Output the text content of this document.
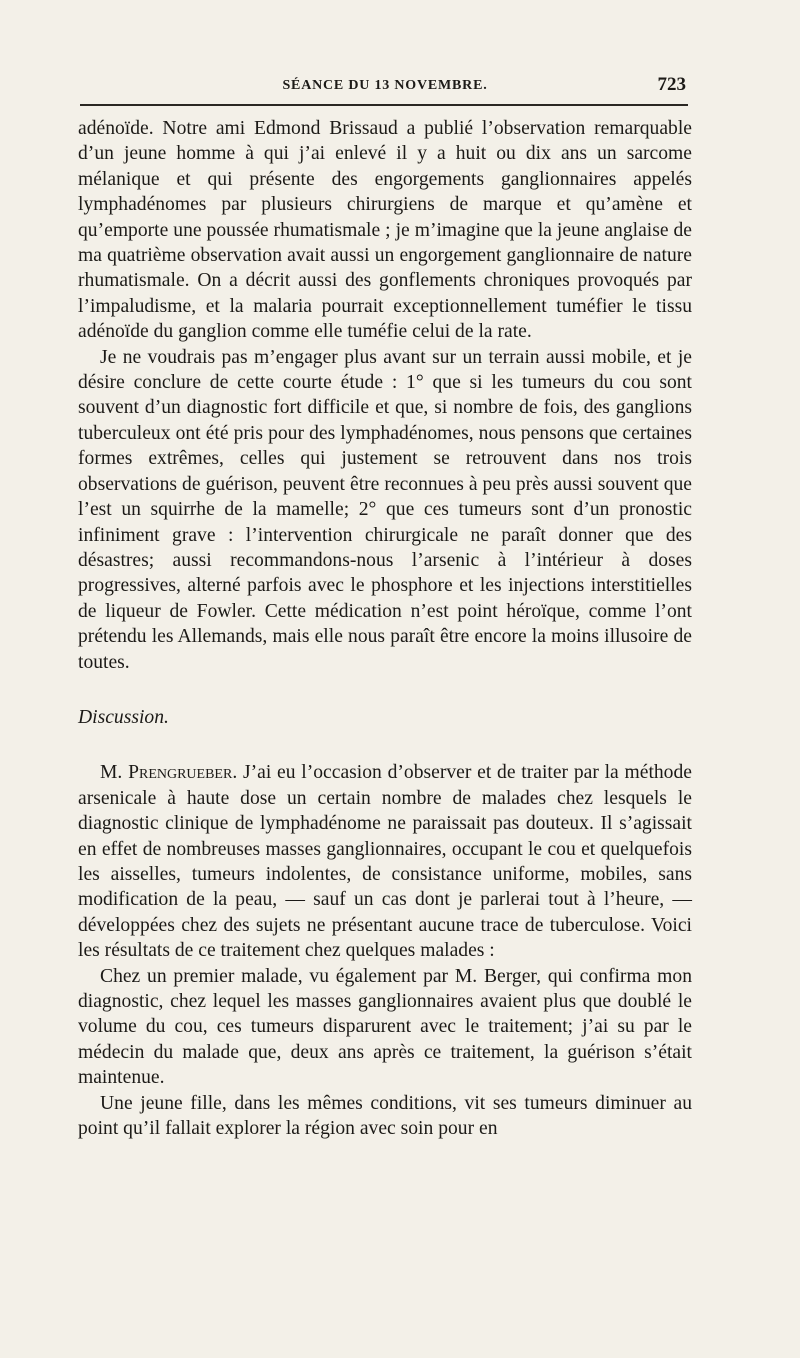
SÉANCE DU 13 NOVEMBRE.	723

adénoïde. Notre ami Edmond Brissaud a publié l’observation remarquable d’un jeune homme à qui j’ai enlevé il y a huit ou dix ans un sarcome mélanique et qui présente des engorgements ganglionnaires appelés lymphadénomes par plusieurs chirurgiens de marque et qu’amène et qu’emporte une poussée rhumatismale ; je m’imagine que la jeune anglaise de ma quatrième observation avait aussi un engorgement ganglionnaire de nature rhumatismale. On a décrit aussi des gonflements chroniques provoqués par l’impaludisme, et la malaria pourrait exceptionnellement tuméfier le tissu adénoïde du ganglion comme elle tuméfie celui de la rate.

Je ne voudrais pas m’engager plus avant sur un terrain aussi mobile, et je désire conclure de cette courte étude : 1° que si les tumeurs du cou sont souvent d’un diagnostic fort difficile et que, si nombre de fois, des ganglions tuberculeux ont été pris pour des lymphadénomes, nous pensons que certaines formes extrêmes, celles qui justement se retrouvent dans nos trois observations de guérison, peuvent être reconnues à peu près aussi souvent que l’est un squirrhe de la mamelle; 2° que ces tumeurs sont d’un pronostic infiniment grave : l’intervention chirurgicale ne paraît donner que des désastres; aussi recommandons-nous l’arsenic à l’intérieur à doses progressives, alterné parfois avec le phosphore et les injections interstitielles de liqueur de Fowler. Cette médication n’est point héroïque, comme l’ont prétendu les Allemands, mais elle nous paraît être encore la moins illusoire de toutes.

Discussion.

M. Prengrueber. J’ai eu l’occasion d’observer et de traiter par la méthode arsenicale à haute dose un certain nombre de malades chez lesquels le diagnostic clinique de lymphadénome ne paraissait pas douteux. Il s’agissait en effet de nombreuses masses ganglionnaires, occupant le cou et quelquefois les aisselles, tumeurs indolentes, de consistance uniforme, mobiles, sans modification de la peau, — sauf un cas dont je parlerai tout à l’heure, — développées chez des sujets ne présentant aucune trace de tuberculose. Voici les résultats de ce traitement chez quelques malades :

Chez un premier malade, vu également par M. Berger, qui confirma mon diagnostic, chez lequel les masses ganglionnaires avaient plus que doublé le volume du cou, ces tumeurs disparurent avec le traitement; j’ai su par le médecin du malade que, deux ans après ce traitement, la guérison s’était maintenue.

Une jeune fille, dans les mêmes conditions, vit ses tumeurs diminuer au point qu’il fallait explorer la région avec soin pour en
